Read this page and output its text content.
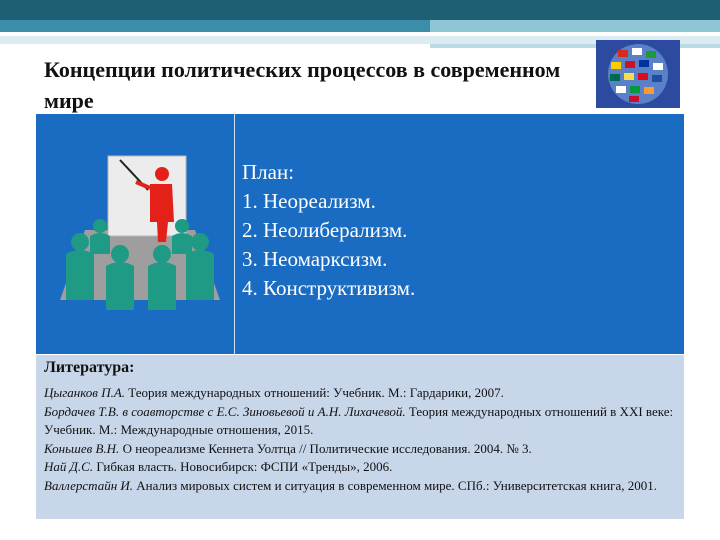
Концепции политических процессов в современном мире
План:
1. Неореализм.
2. Неолиберализм.
3. Неомарксизм.
4. Конструктивизм.
Литература:

Цыганков П.А. Теория международных отношений: Учебник. М.: Гардарики, 2007.

Бордачев Т.В. в соавторстве с Е.С. Зиновьевой и А.Н. Лихачевой. Теория международных отношений в XXI веке: Учебник. М.: Международные отношения, 2015.

Коньшев В.Н. О неореализме Кеннета Уолтца // Политические исследования. 2004. № 3.

Най Д.С. Гибкая власть. Новосибирск: ФСПИ «Тренды», 2006.

Валлерстайн И. Анализ мировых систем и ситуация в современном мире. СПб.: Университетская книга, 2001.
